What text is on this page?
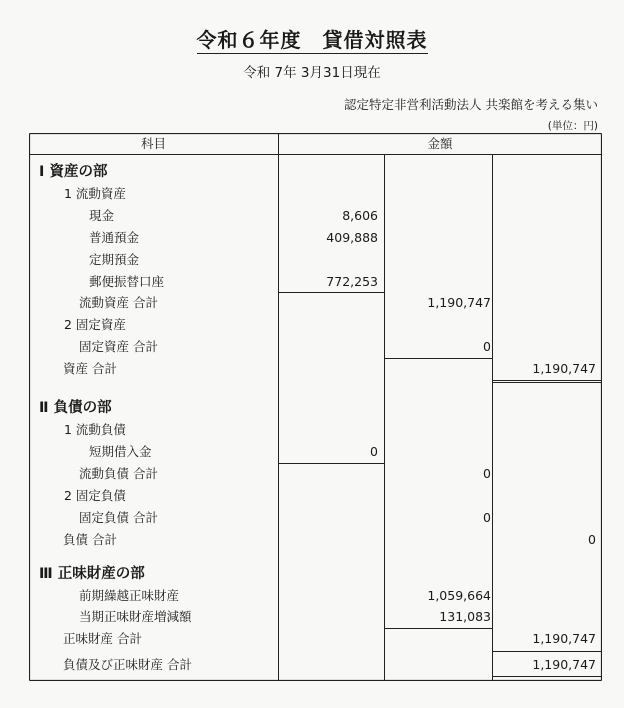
令和６年度　貸借対照表
令和 7年 3月31日現在
認定特定非営利活動法人 共楽館を考える集い
(単位：円)
科目	金額
Ⅰ 資産の部
1 流動資産
現金	8,606
普通預金	409,888
定期預金
郵便振替口座	772,253
流動資産 合計	1,190,747
2 固定資産
固定資産 合計	0
資産 合計	1,190,747
Ⅱ 負債の部
1 流動負債
短期借入金	0
流動負債 合計	0
2 固定負債
固定負債 合計	0
負債 合計	0
Ⅲ 正味財産の部
前期繰越正味財産	1,059,664
当期正味財産増減額	131,083
正味財産 合計	1,190,747
負債及び正味財産 合計	1,190,747
